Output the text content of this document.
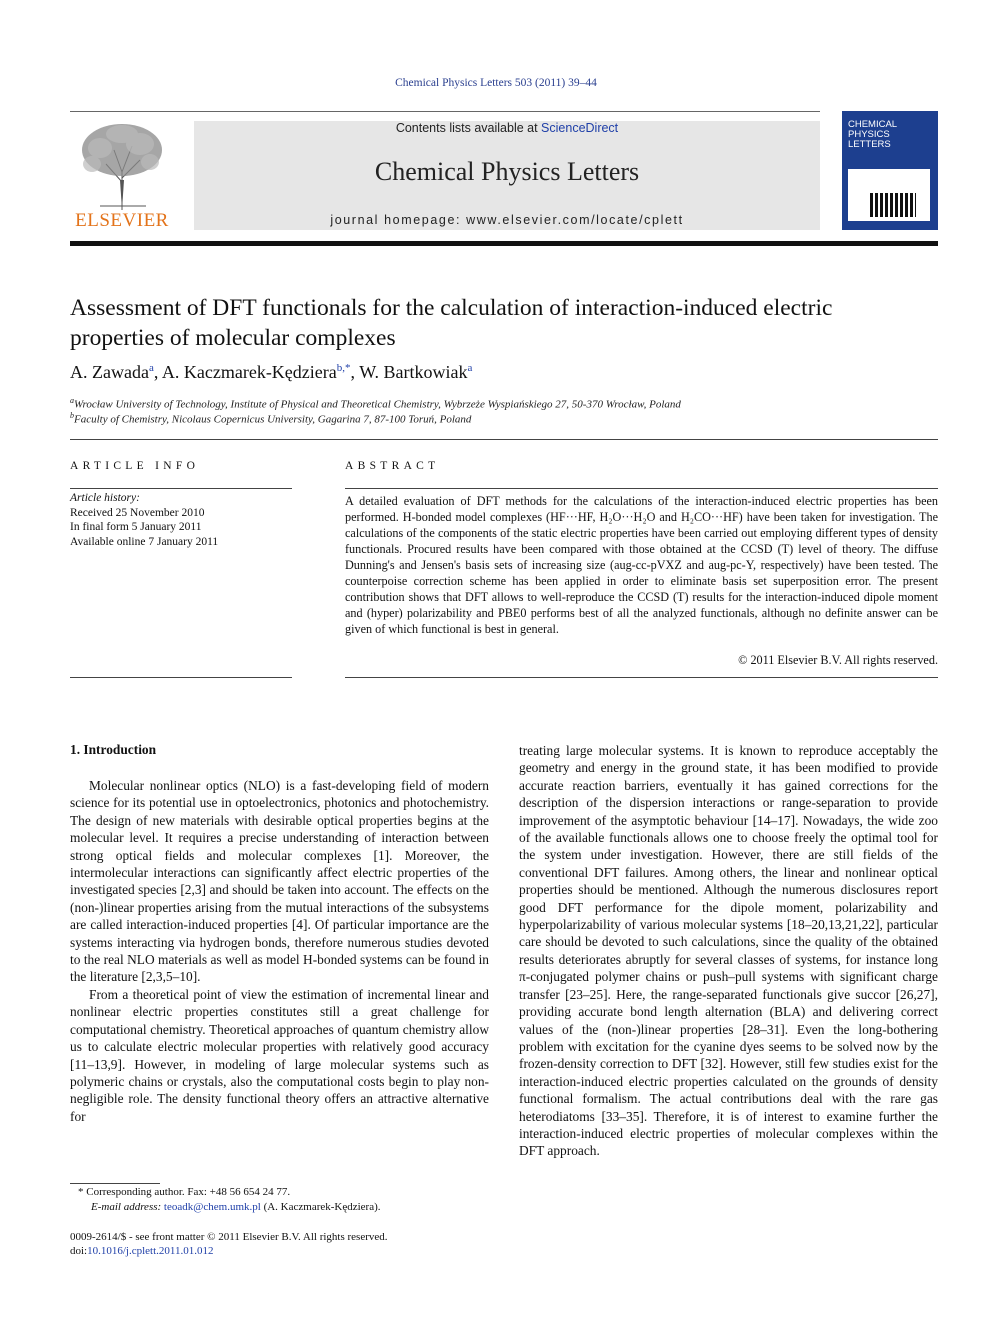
Chemical Physics Letters 503 (2011) 39–44
ELSEVIER
Contents lists available at ScienceDirect
Chemical Physics Letters
journal homepage: www.elsevier.com/locate/cplett
CHEMICAL
PHYSICS
LETTERS
Assessment of DFT functionals for the calculation of interaction-induced electric properties of molecular complexes
A. Zawada$^a$, A. Kaczmarek-Kędziera$^{b,*}$, W. Bartkowiak$^a$
$^a$Wrocław University of Technology, Institute of Physical and Theoretical Chemistry, Wybrzeże Wyspiańskiego 27, 50-370 Wrocław, Poland
$^b$Faculty of Chemistry, Nicolaus Copernicus University, Gagarina 7, 87-100 Toruń, Poland
ARTICLE INFO
Article history:
Received 25 November 2010
In final form 5 January 2011
Available online 7 January 2011
ABSTRACT
A detailed evaluation of DFT methods for the calculations of the interaction-induced electric properties has been performed. H-bonded model complexes (HF···HF, H₂O···H₂O and H₂CO···HF) have been taken for investigation. The calculations of the components of the static electric properties have been carried out employing different types of density functionals. Procured results have been compared with those obtained at the CCSD (T) level of theory. The diffuse Dunning's and Jensen's basis sets of increasing size (aug-cc-pVXZ and aug-pc-Y, respectively) have been tested. The counterpoise correction scheme has been applied in order to eliminate basis set superposition error. The present contribution shows that DFT allows to well-reproduce the CCSD (T) results for the interaction-induced dipole moment and (hyper) polarizability and PBE0 performs best of all the analyzed functionals, although no definite answer can be given of which functional is best in general.
© 2011 Elsevier B.V. All rights reserved.
1. Introduction

Molecular nonlinear optics (NLO) is a fast-developing field of modern science for its potential use in optoelectronics, photonics and photochemistry. The design of new materials with desirable optical properties begins at the molecular level. It requires a precise understanding of interaction between strong optical fields and molecular complexes [1]. Moreover, the intermolecular interactions can significantly affect electric properties of the investigated species [2,3] and should be taken into account. The effects on the (non-)linear properties arising from the mutual interactions of the subsystems are called interaction-induced properties [4]. Of particular importance are the systems interacting via hydrogen bonds, therefore numerous studies devoted to the real NLO materials as well as model H-bonded systems can be found in the literature [2,3,5–10].

From a theoretical point of view the estimation of incremental linear and nonlinear electric properties constitutes still a great challenge for computational chemistry. Theoretical approaches of quantum chemistry allow us to calculate electric molecular properties with relatively good accuracy [11–13,9]. However, in modeling of large molecular systems such as polymeric chains or crystals, also the computational costs begin to play non-negligible role. The density functional theory offers an attractive alternative for

treating large molecular systems. It is known to reproduce acceptably the geometry and energy in the ground state, it has been modified to provide accurate reaction barriers, eventually it has gained corrections for the description of the dispersion interactions or range-separation to provide improvement of the asymptotic behaviour [14–17]. Nowadays, the wide zoo of the available functionals allows one to choose freely the optimal tool for the system under investigation. However, there are still fields of the conventional DFT failures. Among others, the linear and nonlinear optical properties should be mentioned. Although the numerous disclosures report good DFT performance for the dipole moment, polarizability and hyperpolarizability of various molecular systems [18–20,13,21,22], particular care should be devoted to such calculations, since the quality of the obtained results deteriorates abruptly for several classes of systems, for instance long π-conjugated polymer chains or push–pull systems with significant charge transfer [23–25]. Here, the range-separated functionals give succor [26,27], providing accurate bond length alternation (BLA) and delivering correct values of the (non-)linear properties [28–31]. Even the long-bothering problem with excitation for the cyanine dyes seems to be solved now by the frozen-density correction to DFT [32]. However, still few studies exist for the interaction-induced electric properties calculated on the grounds of density functional formalism. The actual contributions deal with the rare gas heterodiatoms [33–35]. Therefore, it is of interest to examine further the interaction-induced electric properties of molecular complexes within the DFT approach.

* Corresponding author. Fax: +48 56 654 24 77.
E-mail address: teoadk@chem.umk.pl (A. Kaczmarek-Kędziera).
0009-2614/$ - see front matter © 2011 Elsevier B.V. All rights reserved.
doi:10.1016/j.cplett.2011.01.012
